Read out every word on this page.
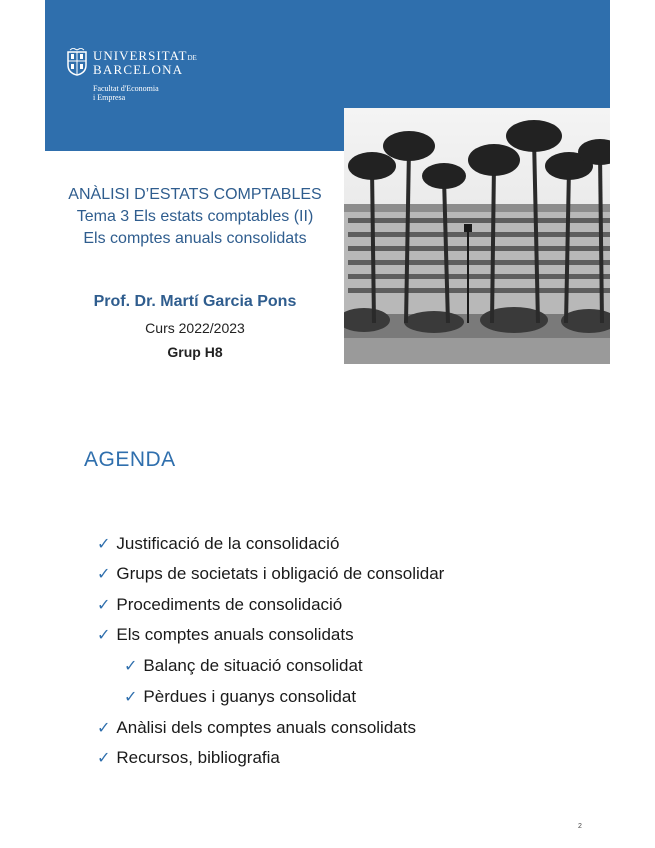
UNIVERSITATDE
BARCELONA
Facultat d'Economia
i Empresa
ANÀLISI D’ESTATS COMPTABLES
Tema 3 Els estats comptables (II)
Els comptes anuals consolidats
Prof. Dr. Martí Garcia Pons
Curs 2022/2023
Grup H8
AGENDA
✓ Justificació de la consolidació
✓ Grups de societats i obligació de consolidar
✓ Procediments de consolidació
✓ Els comptes anuals consolidats
✓ Balanç de situació consolidat
✓ Pèrdues i guanys consolidat
✓ Anàlisi dels comptes anuals consolidats
✓ Recursos, bibliografia
2
